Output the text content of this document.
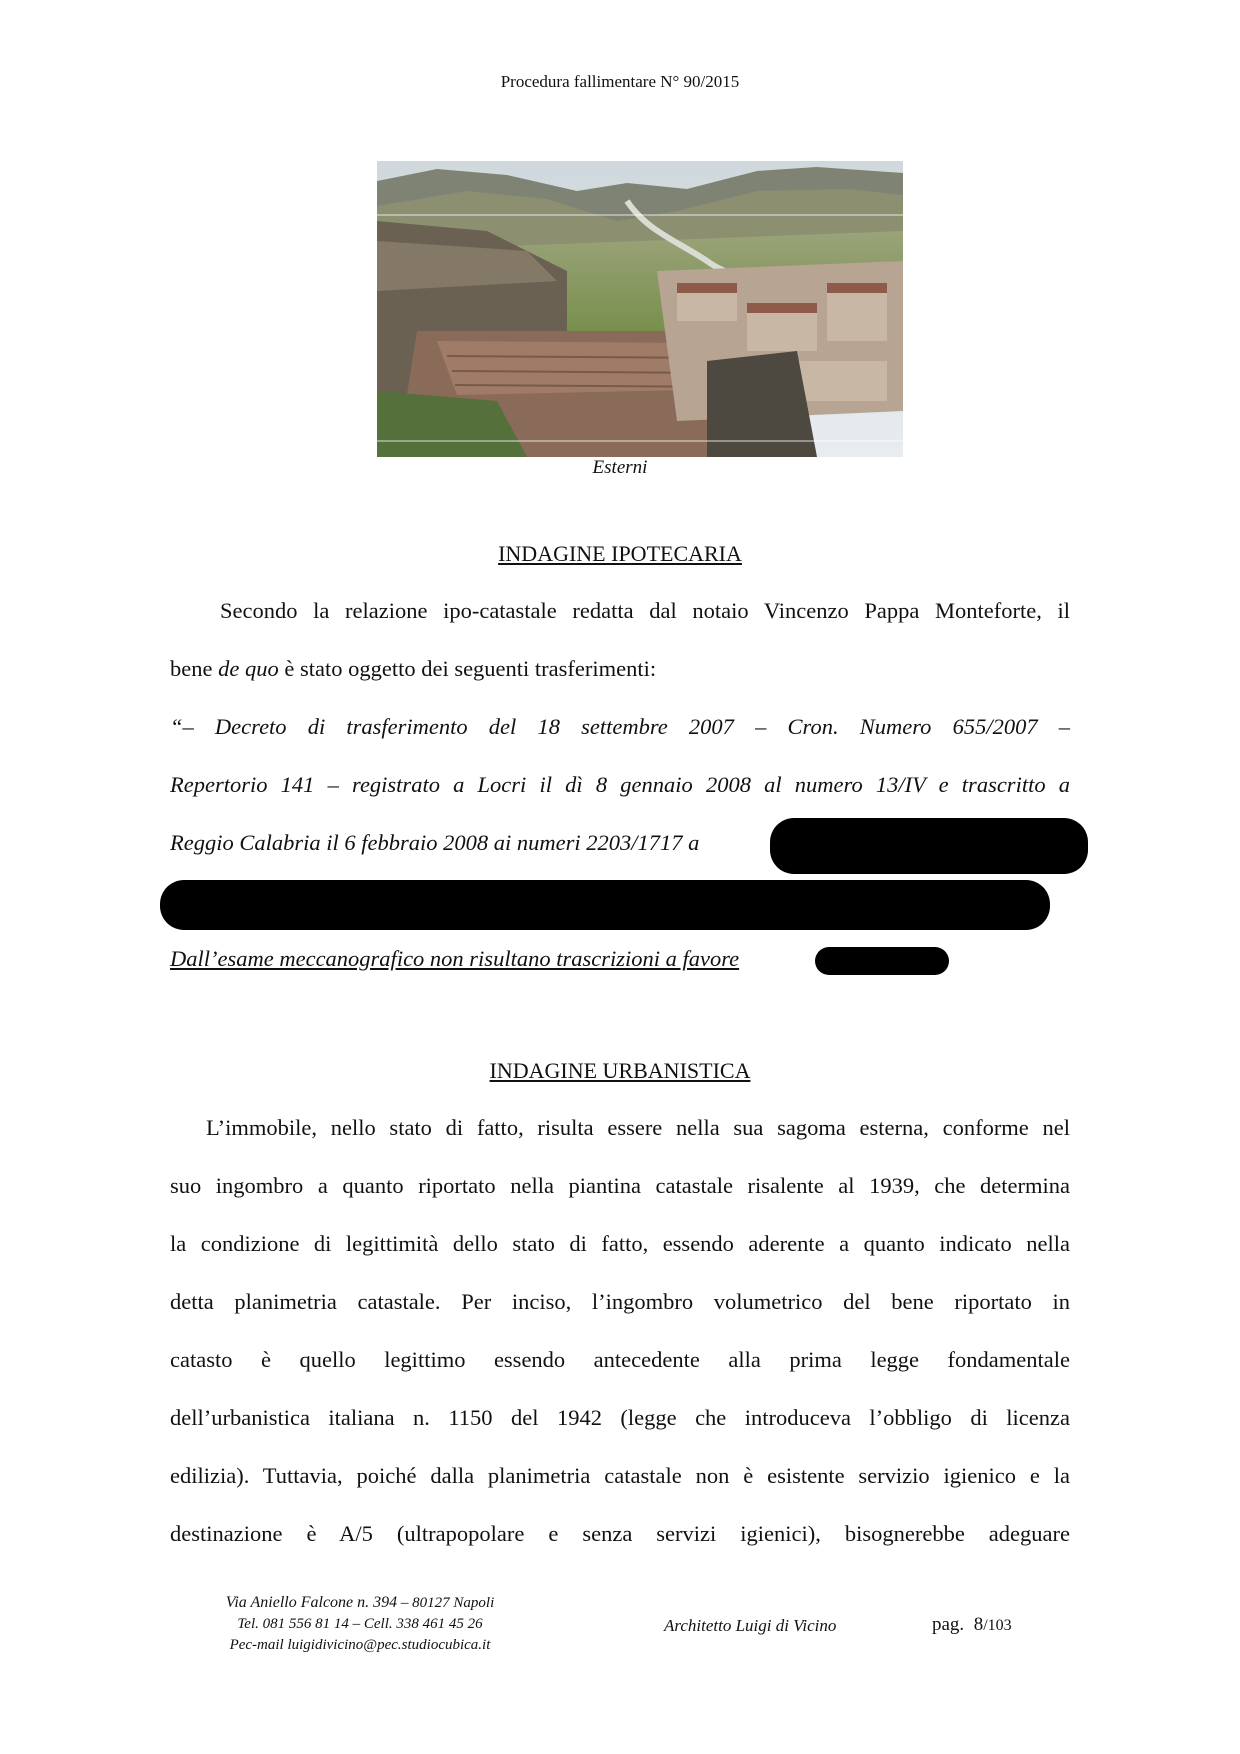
Procedura fallimentare N° 90/2015
Esterni
INDAGINE IPOTECARIA
Secondo la relazione ipo-catastale redatta dal notaio Vincenzo Pappa Monteforte, il
bene de quo è stato oggetto dei seguenti trasferimenti:
“– Decreto di trasferimento del 18 settembre 2007 – Cron. Numero 655/2007 –
Repertorio 141 – registrato a Locri il dì 8 gennaio 2008 al numero 13/IV e trascritto a
Reggio Calabria il 6 febbraio 2008 ai numeri 2203/1717 a
Dall’esame meccanografico non risultano trascrizioni a favore
INDAGINE URBANISTICA
L’immobile, nello stato di fatto, risulta essere nella sua sagoma esterna, conforme nel
suo ingombro a quanto riportato nella piantina catastale risalente al 1939, che determina
la condizione di legittimità dello stato di fatto, essendo aderente a quanto indicato nella
detta planimetria catastale. Per inciso, l’ingombro volumetrico del bene riportato in
catasto è quello legittimo essendo antecedente alla prima legge fondamentale
dell’urbanistica italiana n. 1150 del 1942 (legge che introduceva l’obbligo di licenza
edilizia). Tuttavia, poiché dalla planimetria catastale non è esistente servizio igienico e la
destinazione è A/5 (ultrapopolare e senza servizi igienici), bisognerebbe adeguare
Via Aniello Falcone n. 394 – 80127 Napoli
Tel. 081 556 81 14 – Cell. 338 461 45 26
Pec-mail luigidivicino@pec.studiocubica.it
Architetto Luigi di Vicino	pag. 8/103
